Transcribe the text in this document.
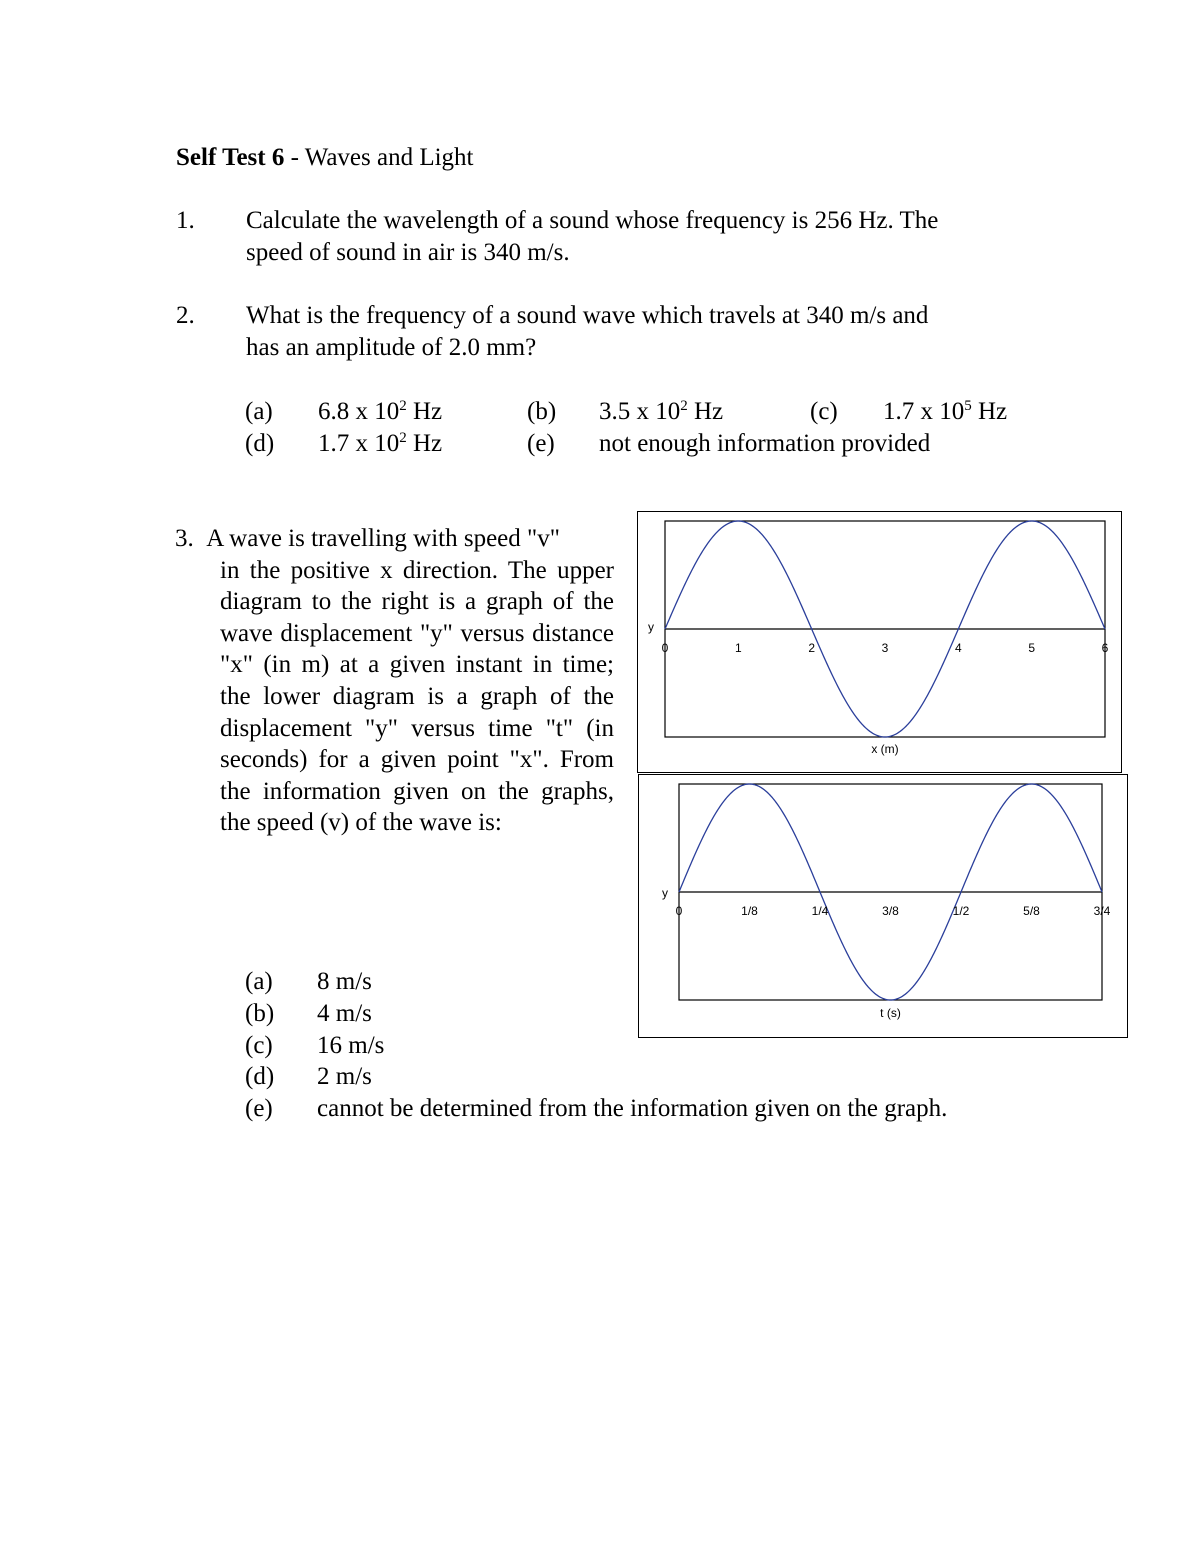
Self Test 6 - Waves and Light
1. Calculate the wavelength of a sound whose frequency is 256 Hz. The
speed of sound in air is 340 m/s.
2. What is the frequency of a sound wave which travels at 340 m/s and
has an amplitude of 2.0 mm?
(a) 6.8 x $10^2$ Hz	(b) 3.5 x $10^2$ Hz	(c) 1.7 x $10^5$ Hz
(d) 1.7 x $10^2$ Hz	(e) not enough information provided
3. A wave is travelling with speed "v"
in the positive x direction. The upper diagram to the right is a graph of the wave displacement "y" versus distance "x" (in m) at a given instant in time; the lower diagram is a graph of the displacement "y" versus time "t" (in seconds) for a given point "x". From the information given on the graphs, the speed (v) of the wave is:
(a) 8 m/s
(b) 4 m/s
(c) 16 m/s
(d) 2 m/s
(e) cannot be determined from the information given on the graph.
0	1	2	3	4	5	6
y
x (m)
0	1/8	1/4	3/8	1/2	5/8	3/4
y
t (s)
